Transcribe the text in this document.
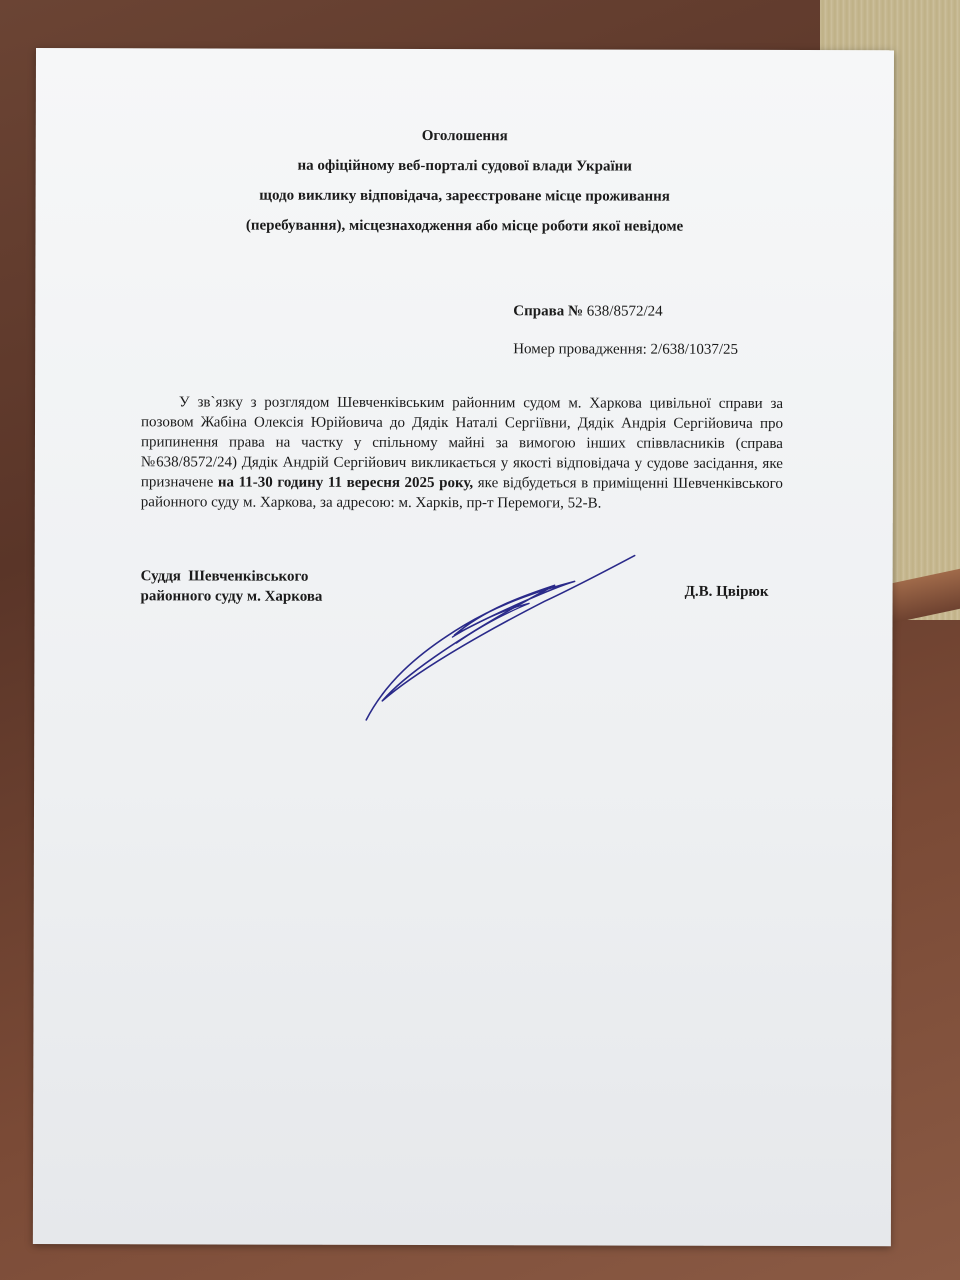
Оголошення
на офіційному веб-порталі судової влади України
щодо виклику відповідача, зареєстроване місце проживання
(перебування), місцезнаходження або місце роботи якої невідоме
Справа № 638/8572/24
Номер провадження: 2/638/1037/25
У зв`язку з розглядом Шевченківським районним судом м. Харкова цивільної справи за позовом Жабіна Олексія Юрійовича до Дядік Наталі Сергіївни, Дядік Андрія Сергійовича про припинення права на частку у спільному майні за вимогою інших співвласників (справа №638/8572/24) Дядік Андрій Сергійович викликається у якості відповідача у судове засідання, яке призначене на 11-30 годину 11 вересня 2025 року, яке відбудеться в приміщенні Шевченківського районного суду м. Харкова, за адресою: м. Харків, пр-т Перемоги, 52-В.
Суддя  Шевченківського
районного суду м. Харкова	Д.В. Цвірюк
